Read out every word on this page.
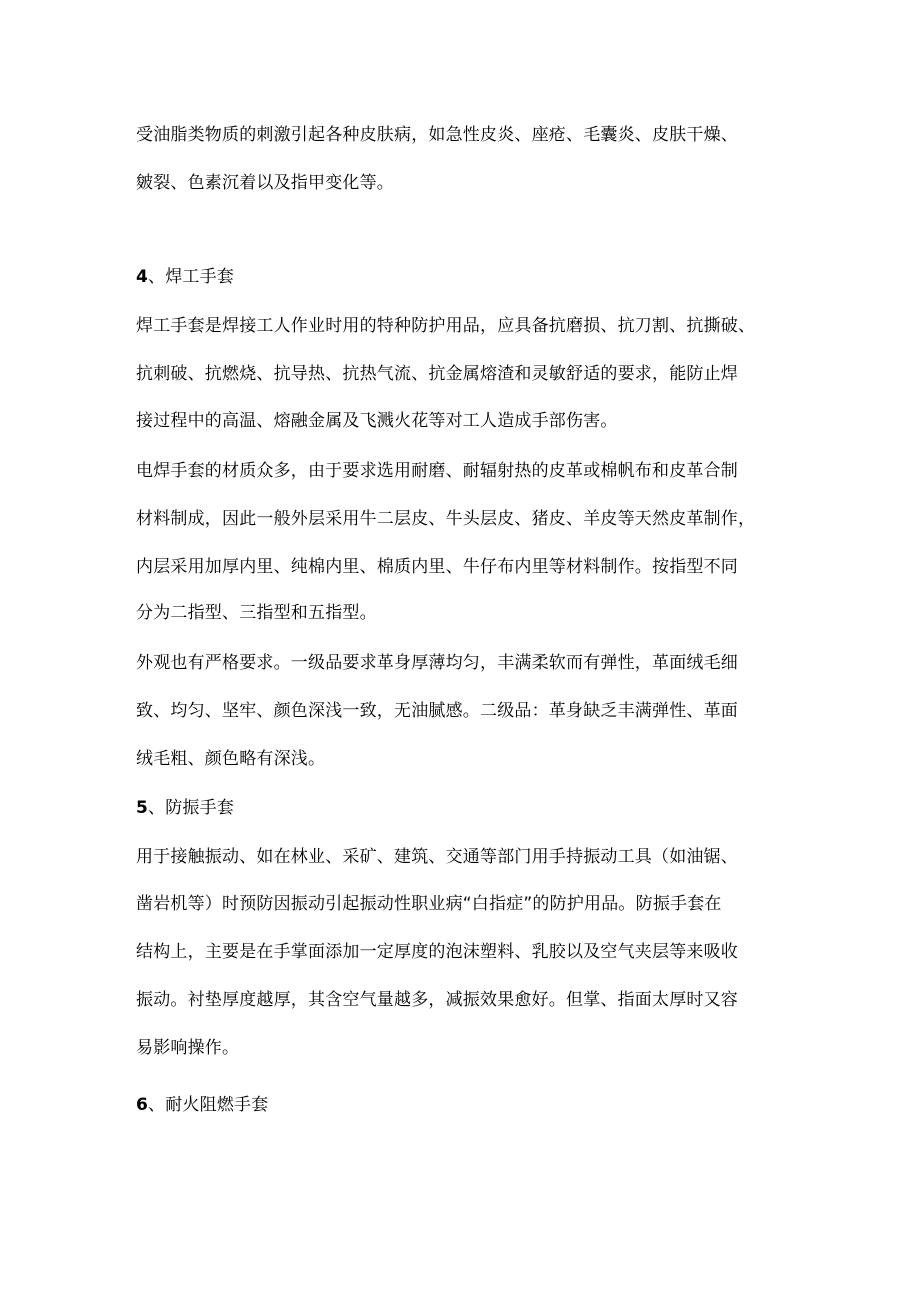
受油脂类物质的刺激引起各种皮肤病，如急性皮炎、座疮、毛囊炎、皮肤干燥、
皴裂、色素沉着以及指甲变化等。
4、焊工手套
焊工手套是焊接工人作业时用的特种防护用品，应具备抗磨损、抗刀割、抗撕破、
抗刺破、抗燃烧、抗导热、抗热气流、抗金属熔渣和灵敏舒适的要求，能防止焊
接过程中的高温、熔融金属及飞溅火花等对工人造成手部伤害。
电焊手套的材质众多，由于要求选用耐磨、耐辐射热的皮革或棉帆布和皮革合制
材料制成，因此一般外层采用牛二层皮、牛头层皮、猪皮、羊皮等天然皮革制作，
内层采用加厚内里、纯棉内里、棉质内里、牛仔布内里等材料制作。按指型不同
分为二指型、三指型和五指型。
外观也有严格要求。一级品要求革身厚薄均匀，丰满柔软而有弹性，革面绒毛细
致、均匀、坚牢、颜色深浅一致，无油腻感。二级品：革身缺乏丰满弹性、革面
绒毛粗、颜色略有深浅。
5、防振手套
用于接触振动、如在林业、采矿、建筑、交通等部门用手持振动工具（如油锯、
凿岩机等）时预防因振动引起振动性职业病“白指症”的防护用品。防振手套在
结构上，主要是在手掌面添加一定厚度的泡沫塑料、乳胶以及空气夹层等来吸收
振动。衬垫厚度越厚，其含空气量越多，减振效果愈好。但掌、指面太厚时又容
易影响操作。
6、耐火阻燃手套
